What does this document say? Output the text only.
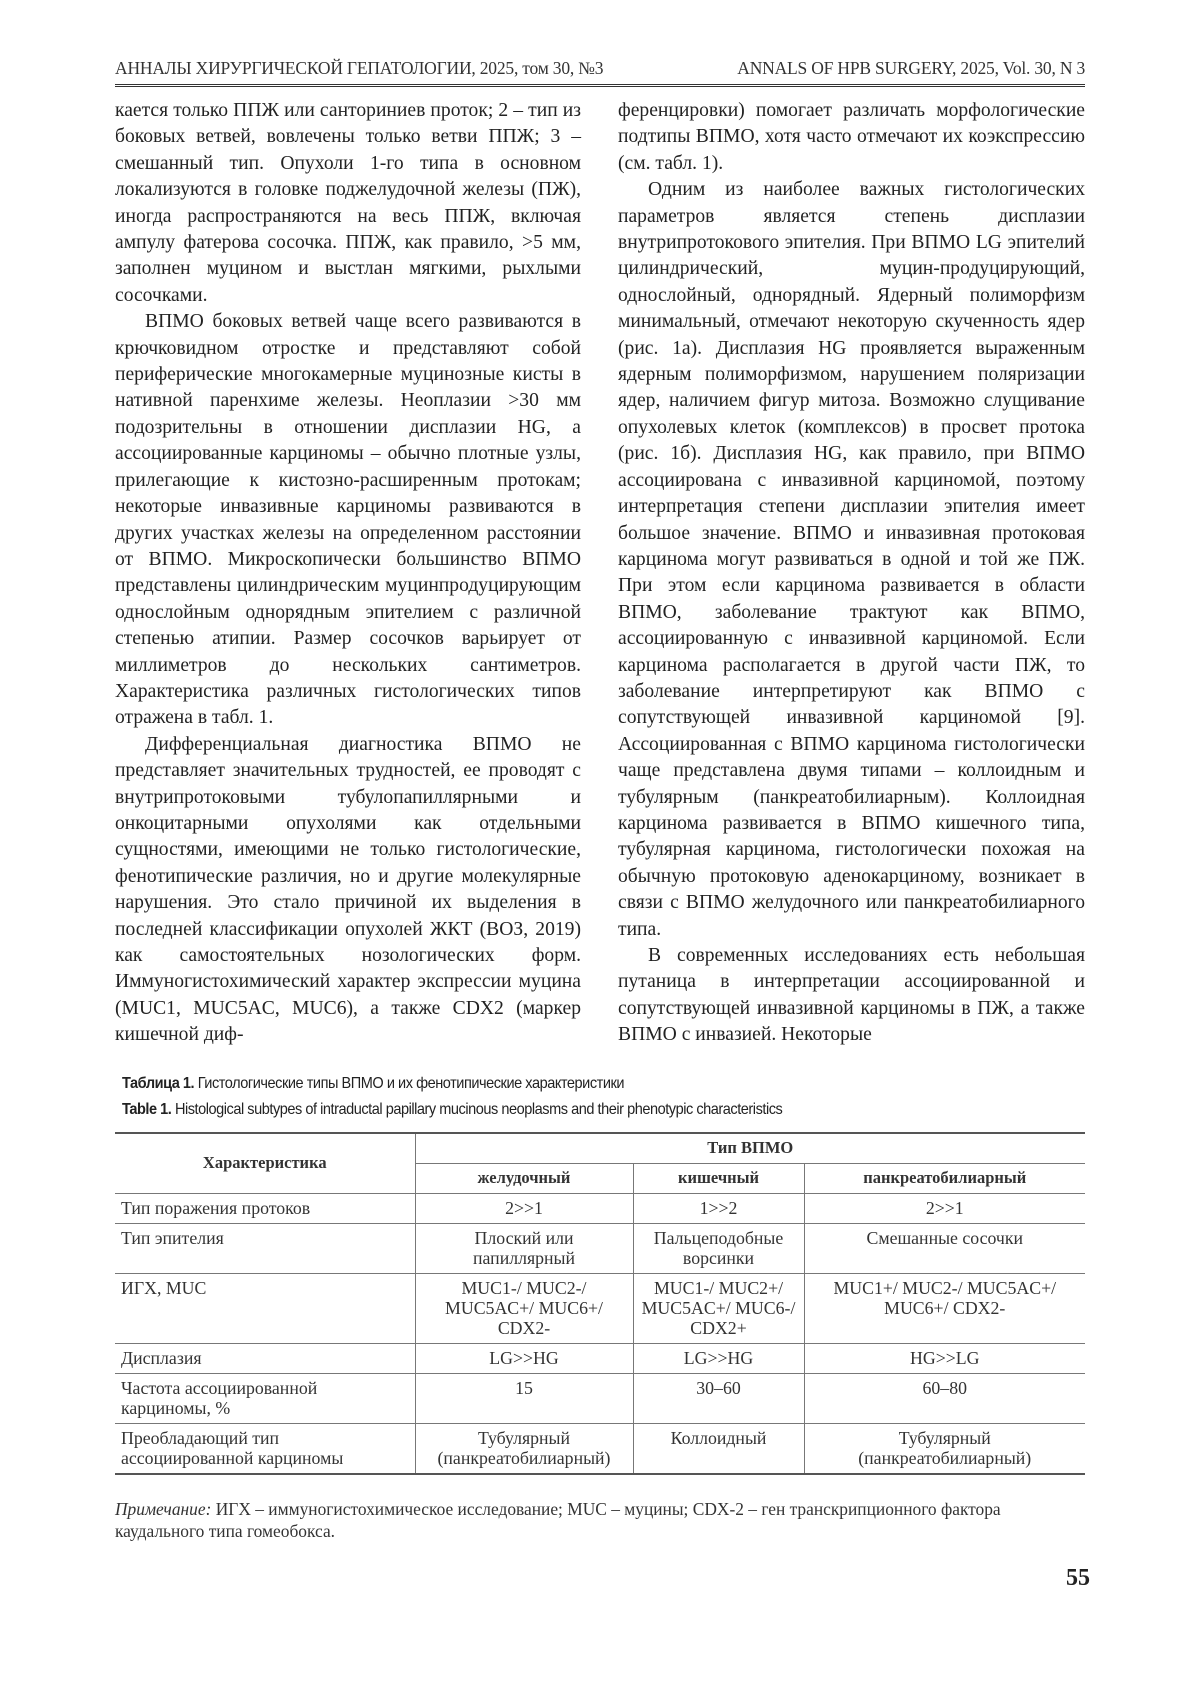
АННАЛЫ ХИРУРГИЧЕСКОЙ ГЕПАТОЛОГИИ, 2025, том 30, №3	ANNALS OF HPB SURGERY, 2025, Vol. 30, N 3

кается только ППЖ или санториниев проток; 2 – тип из боковых ветвей, вовлечены только ветви ППЖ; 3 – смешанный тип. Опухоли 1-го типа в основном локализуются в головке поджелудочной железы (ПЖ), иногда распространяются на весь ППЖ, включая ампулу фатерова сосочка. ППЖ, как правило, >5 мм, заполнен муцином и выстлан мягкими, рыхлыми сосочками.

ВПМО боковых ветвей чаще всего развиваются в крючковидном отростке и представляют собой периферические многокамерные муцинозные кисты в нативной паренхиме железы. Неоплазии >30 мм подозрительны в отношении дисплазии HG, а ассоциированные карциномы – обычно плотные узлы, прилегающие к кистозно-расширенным протокам; некоторые инвазивные карциномы развиваются в других участках железы на определенном расстоянии от ВПМО. Микроскопически большинство ВПМО представлены цилиндрическим муцинпродуцирующим однослойным однорядным эпителием с различной степенью атипии. Размер сосочков варьирует от миллиметров до нескольких сантиметров. Характеристика различных гистологических типов отражена в табл. 1.

Дифференциальная диагностика ВПМО не представляет значительных трудностей, ее проводят с внутрипротоковыми тубулопапиллярными и онкоцитарными опухолями как отдельными сущностями, имеющими не только гистологические, фенотипические различия, но и другие молекулярные нарушения. Это стало причиной их выделения в последней классификации опухолей ЖКТ (ВОЗ, 2019) как самостоятельных нозологических форм. Иммуногистохимический характер экспрессии муцина (MUC1, MUC5AC, MUC6), а также CDX2 (маркер кишечной диф-

ференцировки) помогает различать морфологические подтипы ВПМО, хотя часто отмечают их коэкспрессию (см. табл. 1).

Одним из наиболее важных гистологических параметров является степень дисплазии внутрипротокового эпителия. При ВПМО LG эпителий цилиндрический, муцин-продуцирующий, однослойный, однорядный. Ядерный полиморфизм минимальный, отмечают некоторую скученность ядер (рис. 1а). Дисплазия HG проявляется выраженным ядерным полиморфизмом, нарушением поляризации ядер, наличием фигур митоза. Возможно слущивание опухолевых клеток (комплексов) в просвет протока (рис. 1б). Дисплазия HG, как правило, при ВПМО ассоциирована с инвазивной карциномой, поэтому интерпретация степени дисплазии эпителия имеет большое значение. ВПМО и инвазивная протоковая карцинома могут развиваться в одной и той же ПЖ. При этом если карцинома развивается в области ВПМО, заболевание трактуют как ВПМО, ассоциированную с инвазивной карциномой. Если карцинома располагается в другой части ПЖ, то заболевание интерпретируют как ВПМО с сопутствующей инвазивной карциномой [9]. Ассоциированная с ВПМО карцинома гистологически чаще представлена двумя типами – коллоидным и тубулярным (панкреатобилиарным). Коллоидная карцинома развивается в ВПМО кишечного типа, тубулярная карцинома, гистологически похожая на обычную протоковую аденокарциному, возникает в связи с ВПМО желудочного или панкреатобилиарного типа.

В современных исследованиях есть небольшая путаница в интерпретации ассоциированной и сопутствующей инвазивной карциномы в ПЖ, а также ВПМО с инвазией. Некоторые

Таблица 1. Гистологические типы ВПМО и их фенотипические характеристики
Table 1. Histological subtypes of intraductal papillary mucinous neoplasms and their phenotypic characteristics
Характеристика	Тип ВПМО		
	желудочный	кишечный	панкреатобилиарный
Тип поражения протоков	2>>1	1>>2	2>>1
Тип эпителия	Плоский или папиллярный	Пальцеподобные ворсинки	Смешанные сосочки
ИГХ, MUC	MUC1-/ MUC2-/ MUC5AC+/ MUC6+/ CDX2-	MUC1-/ MUC2+/ MUC5AC+/ MUC6-/ CDX2+	MUC1+/ MUC2-/ MUC5AC+/ MUC6+/ CDX2-
Дисплазия	LG>>HG	LG>>HG	HG>>LG
Частота ассоциированной карциномы, %	15	30–60	60–80
Преобладающий тип ассоциированной карциномы	Тубулярный (панкреатобилиарный)	Коллоидный	Тубулярный (панкреатобилиарный)
Примечание: ИГХ – иммуногистохимическое исследование; MUC – муцины; CDX-2 – ген транскрипционного фактора каудального типа гомеобокса.
55
